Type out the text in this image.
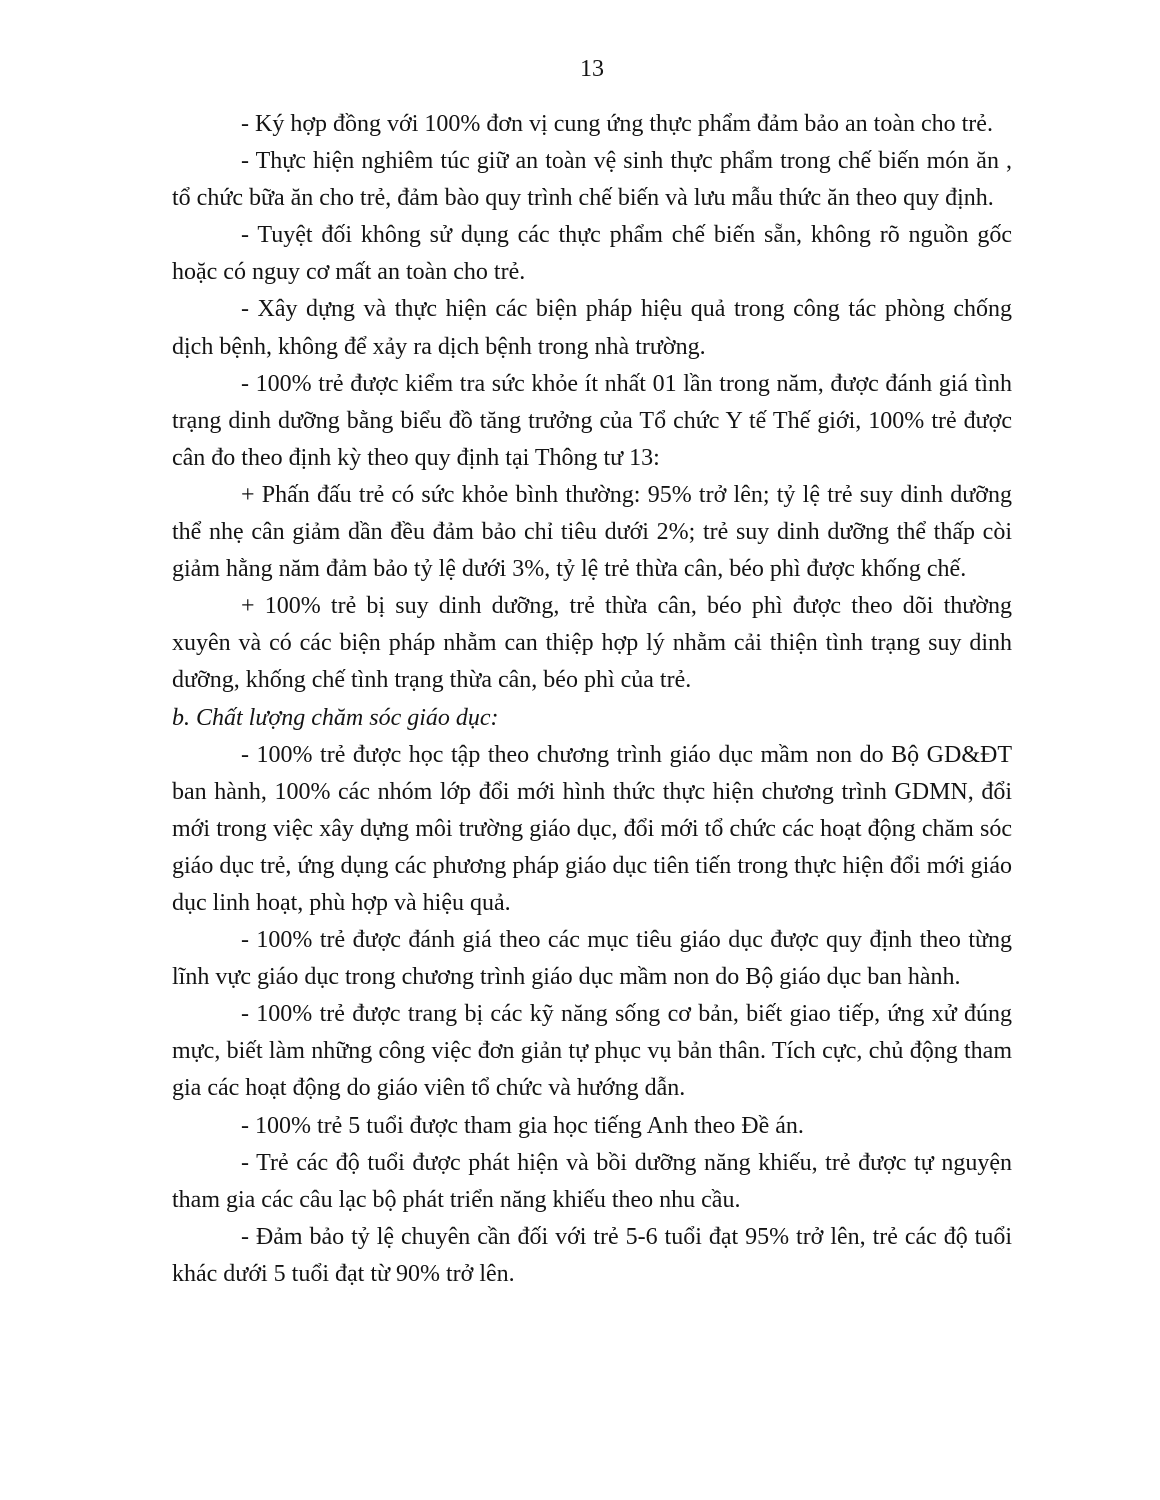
13

- Ký hợp đồng với 100% đơn vị cung ứng thực phẩm đảm bảo an toàn cho trẻ.

- Thực hiện nghiêm túc giữ an toàn vệ sinh thực phẩm trong chế biến món ăn , tổ chức bữa ăn cho trẻ, đảm bào quy trình chế biến và lưu mẫu thức ăn theo quy định.

- Tuyệt đối không sử dụng các thực phẩm chế biến sẵn, không rõ nguồn gốc hoặc có nguy cơ mất an toàn cho trẻ.

- Xây dựng và thực hiện các biện pháp hiệu quả trong công tác phòng chống dịch bệnh, không để xảy ra dịch bệnh trong nhà trường.

- 100% trẻ được kiểm tra sức khỏe ít nhất 01 lần trong năm, được đánh giá tình trạng dinh dưỡng bằng biểu đồ tăng trưởng của Tổ chức Y tế Thế giới, 100% trẻ được cân đo theo định kỳ theo quy định tại Thông tư 13:

+ Phấn đấu trẻ có sức khỏe bình thường: 95% trở lên; tỷ lệ trẻ suy dinh dưỡng thể nhẹ cân giảm dần đều đảm bảo chỉ tiêu dưới 2%; trẻ suy dinh dưỡng thể thấp còi giảm hằng năm đảm bảo tỷ lệ dưới 3%, tỷ lệ trẻ thừa cân, béo phì được khống chế.

+ 100% trẻ bị suy dinh dưỡng, trẻ thừa cân, béo phì được theo dõi thường xuyên và có các biện pháp nhằm can thiệp hợp lý nhằm cải thiện tình trạng suy dinh dưỡng, khống chế tình trạng thừa cân, béo phì của trẻ.

b. Chất lượng chăm sóc giáo dục:

- 100% trẻ được học tập theo chương trình giáo dục mầm non do Bộ GD&ĐT ban hành, 100% các nhóm lớp đổi mới hình thức thực hiện chương trình GDMN, đổi mới trong việc xây dựng môi trường giáo dục, đổi mới tổ chức các hoạt động chăm sóc giáo dục trẻ, ứng dụng các phương pháp giáo dục tiên tiến trong thực hiện đổi mới giáo dục linh hoạt, phù hợp và hiệu quả.

- 100% trẻ được đánh giá theo các mục tiêu giáo dục được quy định theo từng lĩnh vực giáo dục trong chương trình giáo dục mầm non do Bộ giáo dục ban hành.

- 100% trẻ được trang bị các kỹ năng sống cơ bản, biết giao tiếp, ứng xử đúng mực, biết làm những công việc đơn giản tự phục vụ bản thân. Tích cực, chủ động tham gia các hoạt động do giáo viên tổ chức và hướng dẫn.

- 100% trẻ 5 tuổi được tham gia học tiếng Anh theo Đề án.

- Trẻ các độ tuổi được phát hiện và bồi dưỡng năng khiếu, trẻ được tự nguyện tham gia các câu lạc bộ phát triển năng khiếu theo nhu cầu.

- Đảm bảo tỷ lệ chuyên cần đối với trẻ 5-6 tuổi đạt 95% trở lên, trẻ các độ tuổi khác dưới 5 tuổi đạt từ 90% trở lên.
